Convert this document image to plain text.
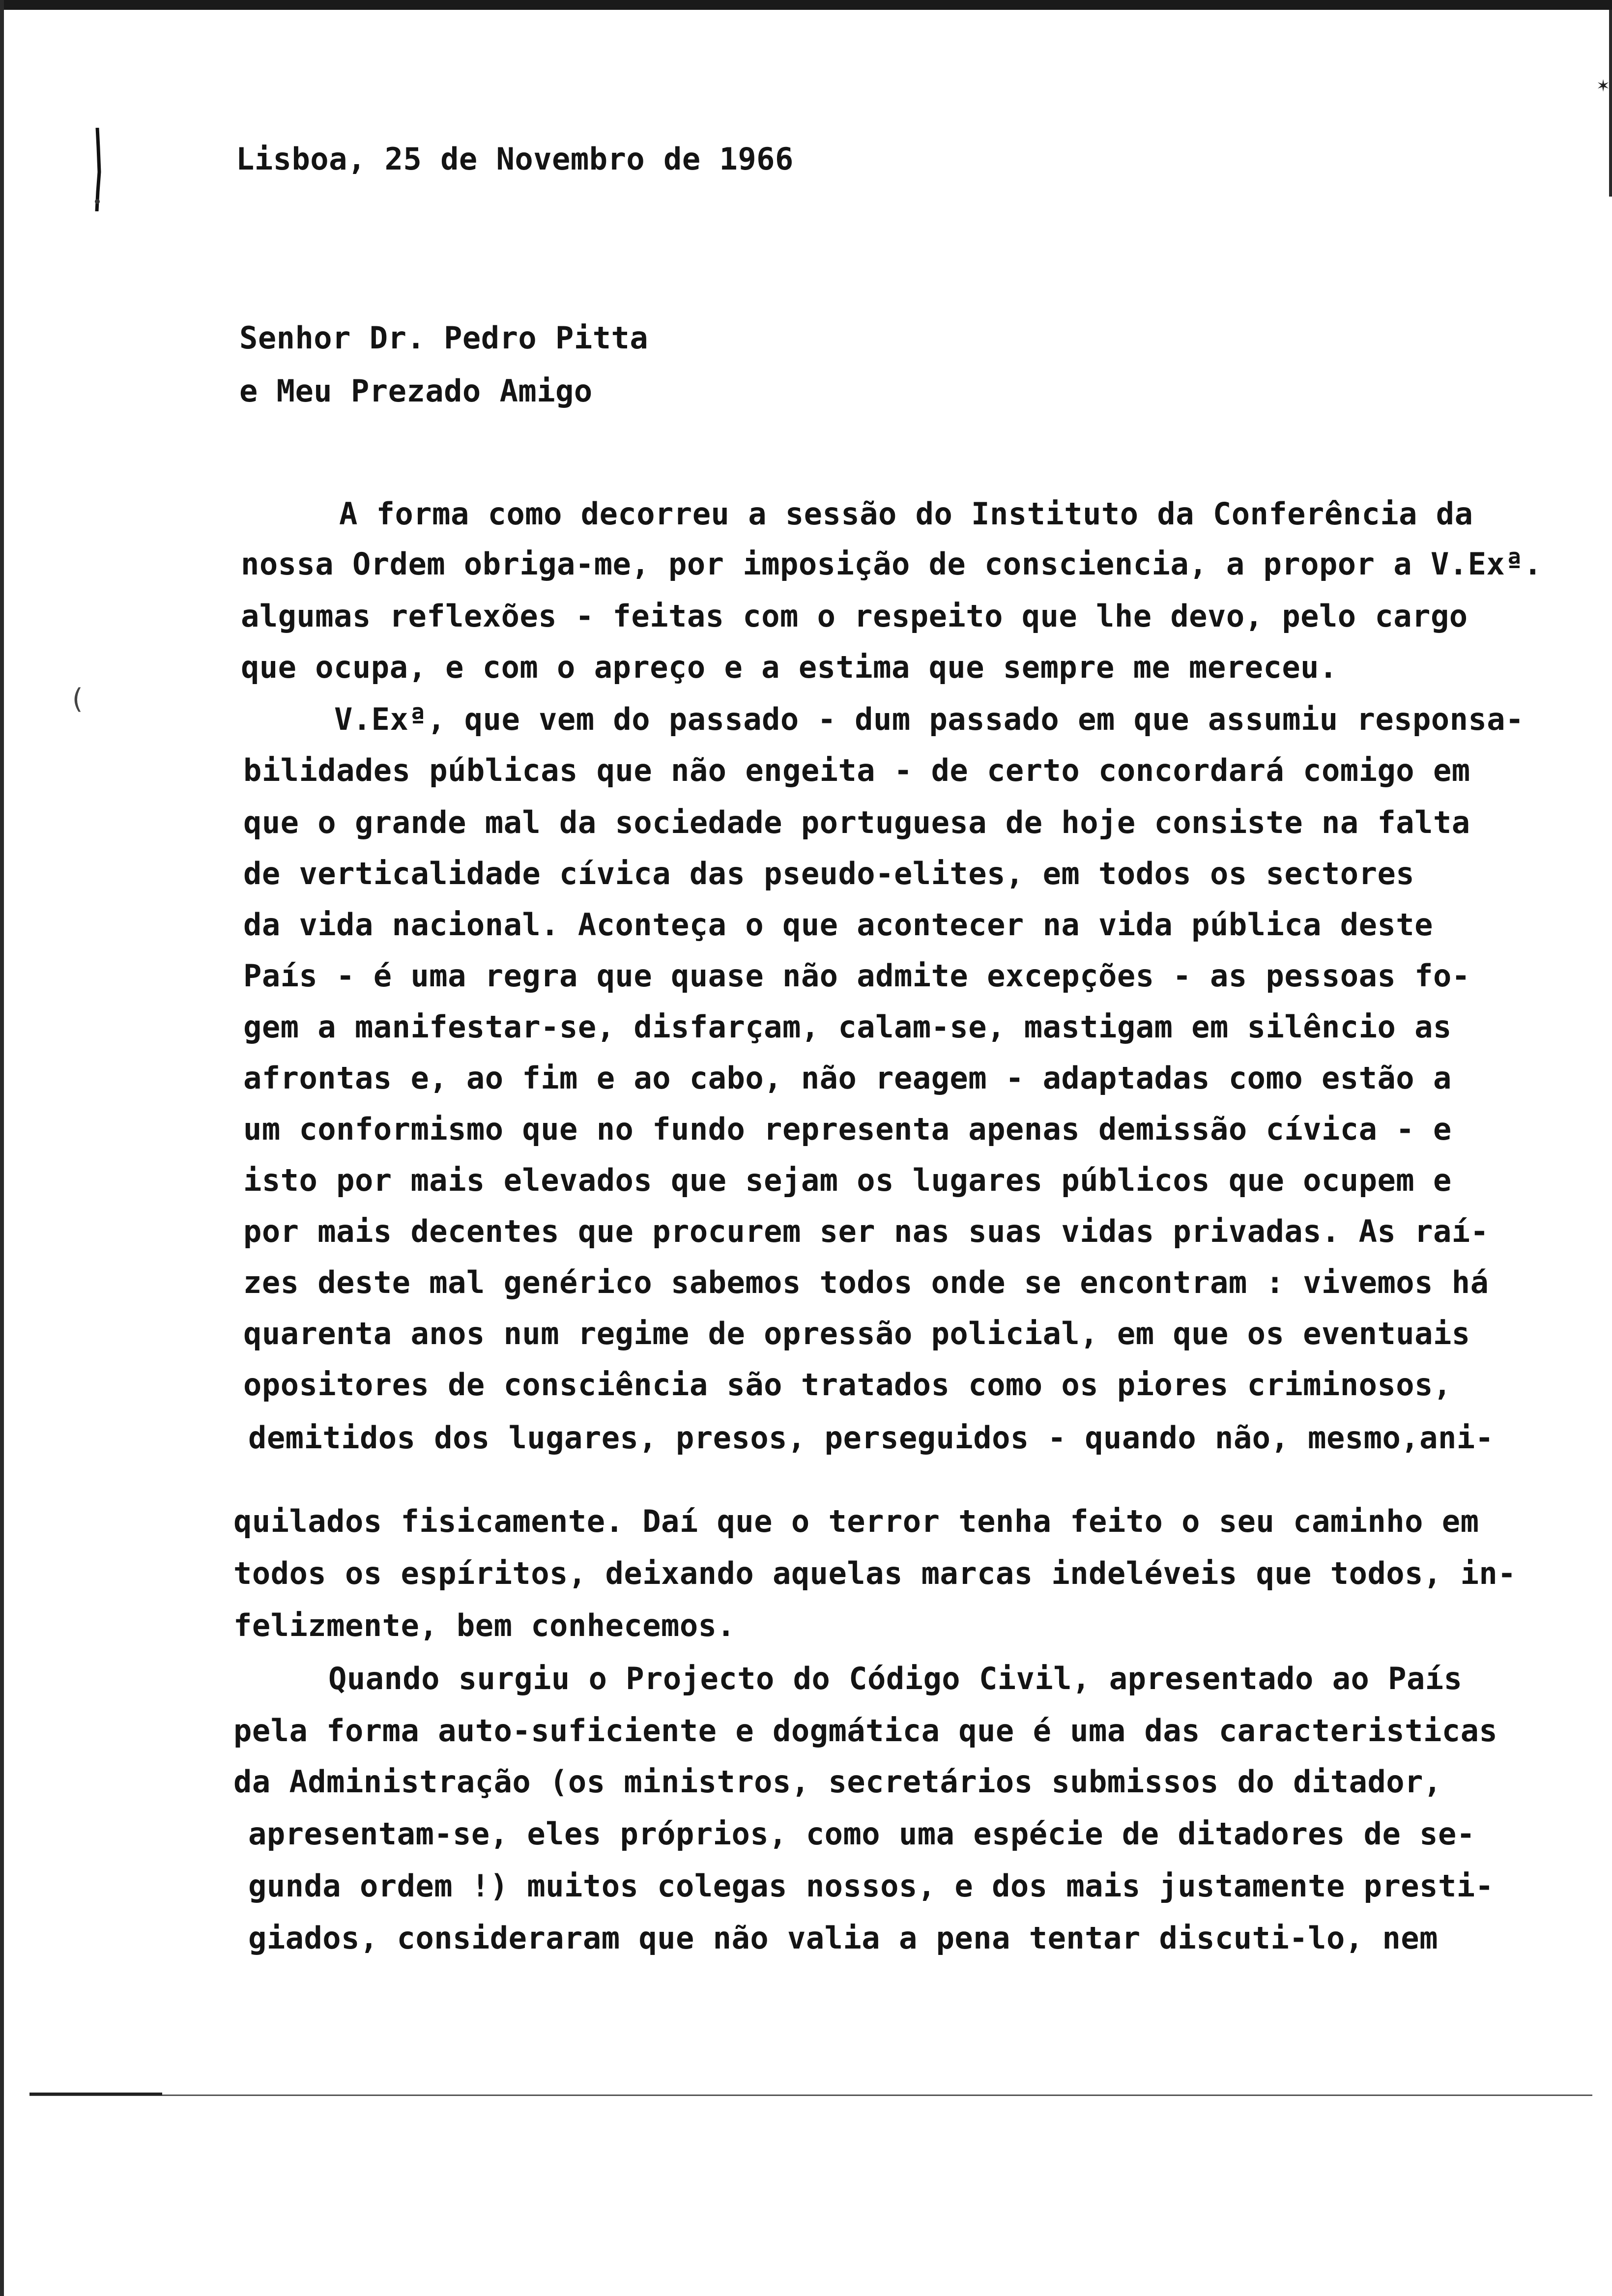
✶
(
Lisboa, 25 de Novembro de 1966
Senhor Dr. Pedro Pitta
e Meu Prezado Amigo
A forma como decorreu a sessão do Instituto da Conferência da
nossa Ordem obriga-me, por imposição de consciencia, a propor a V.Exª.
algumas reflexões - feitas com o respeito que lhe devo, pelo cargo
que ocupa, e com o apreço e a estima que sempre me mereceu.
V.Exª, que vem do passado - dum passado em que assumiu responsa-
bilidades públicas que não engeita - de certo concordará comigo em
que o grande mal da sociedade portuguesa de hoje consiste na falta
de verticalidade cívica das pseudo-elites, em todos os sectores
da vida nacional. Aconteça o que acontecer na vida pública deste
País - é uma regra que quase não admite excepções - as pessoas fo-
gem a manifestar-se, disfarçam, calam-se, mastigam em silêncio as
afrontas e, ao fim e ao cabo, não reagem - adaptadas como estão a
um conformismo que no fundo representa apenas demissão cívica - e
isto por mais elevados que sejam os lugares públicos que ocupem e
por mais decentes que procurem ser nas suas vidas privadas. As raí-
zes deste mal genérico sabemos todos onde se encontram : vivemos há
quarenta anos num regime de opressão policial, em que os eventuais
opositores de consciência são tratados como os piores criminosos,
demitidos dos lugares, presos, perseguidos - quando não, mesmo,ani-
quilados fisicamente. Daí que o terror tenha feito o seu caminho em
todos os espíritos, deixando aquelas marcas indeléveis que todos, in-
felizmente, bem conhecemos.
Quando surgiu o Projecto do Código Civil, apresentado ao País
pela forma auto-suficiente e dogmática que é uma das caracteristicas
da Administração (os ministros, secretários submissos do ditador,
apresentam-se, eles próprios, como uma espécie de ditadores de se-
gunda ordem !) muitos colegas nossos, e dos mais justamente presti-
giados, consideraram que não valia a pena tentar discuti-lo, nem
